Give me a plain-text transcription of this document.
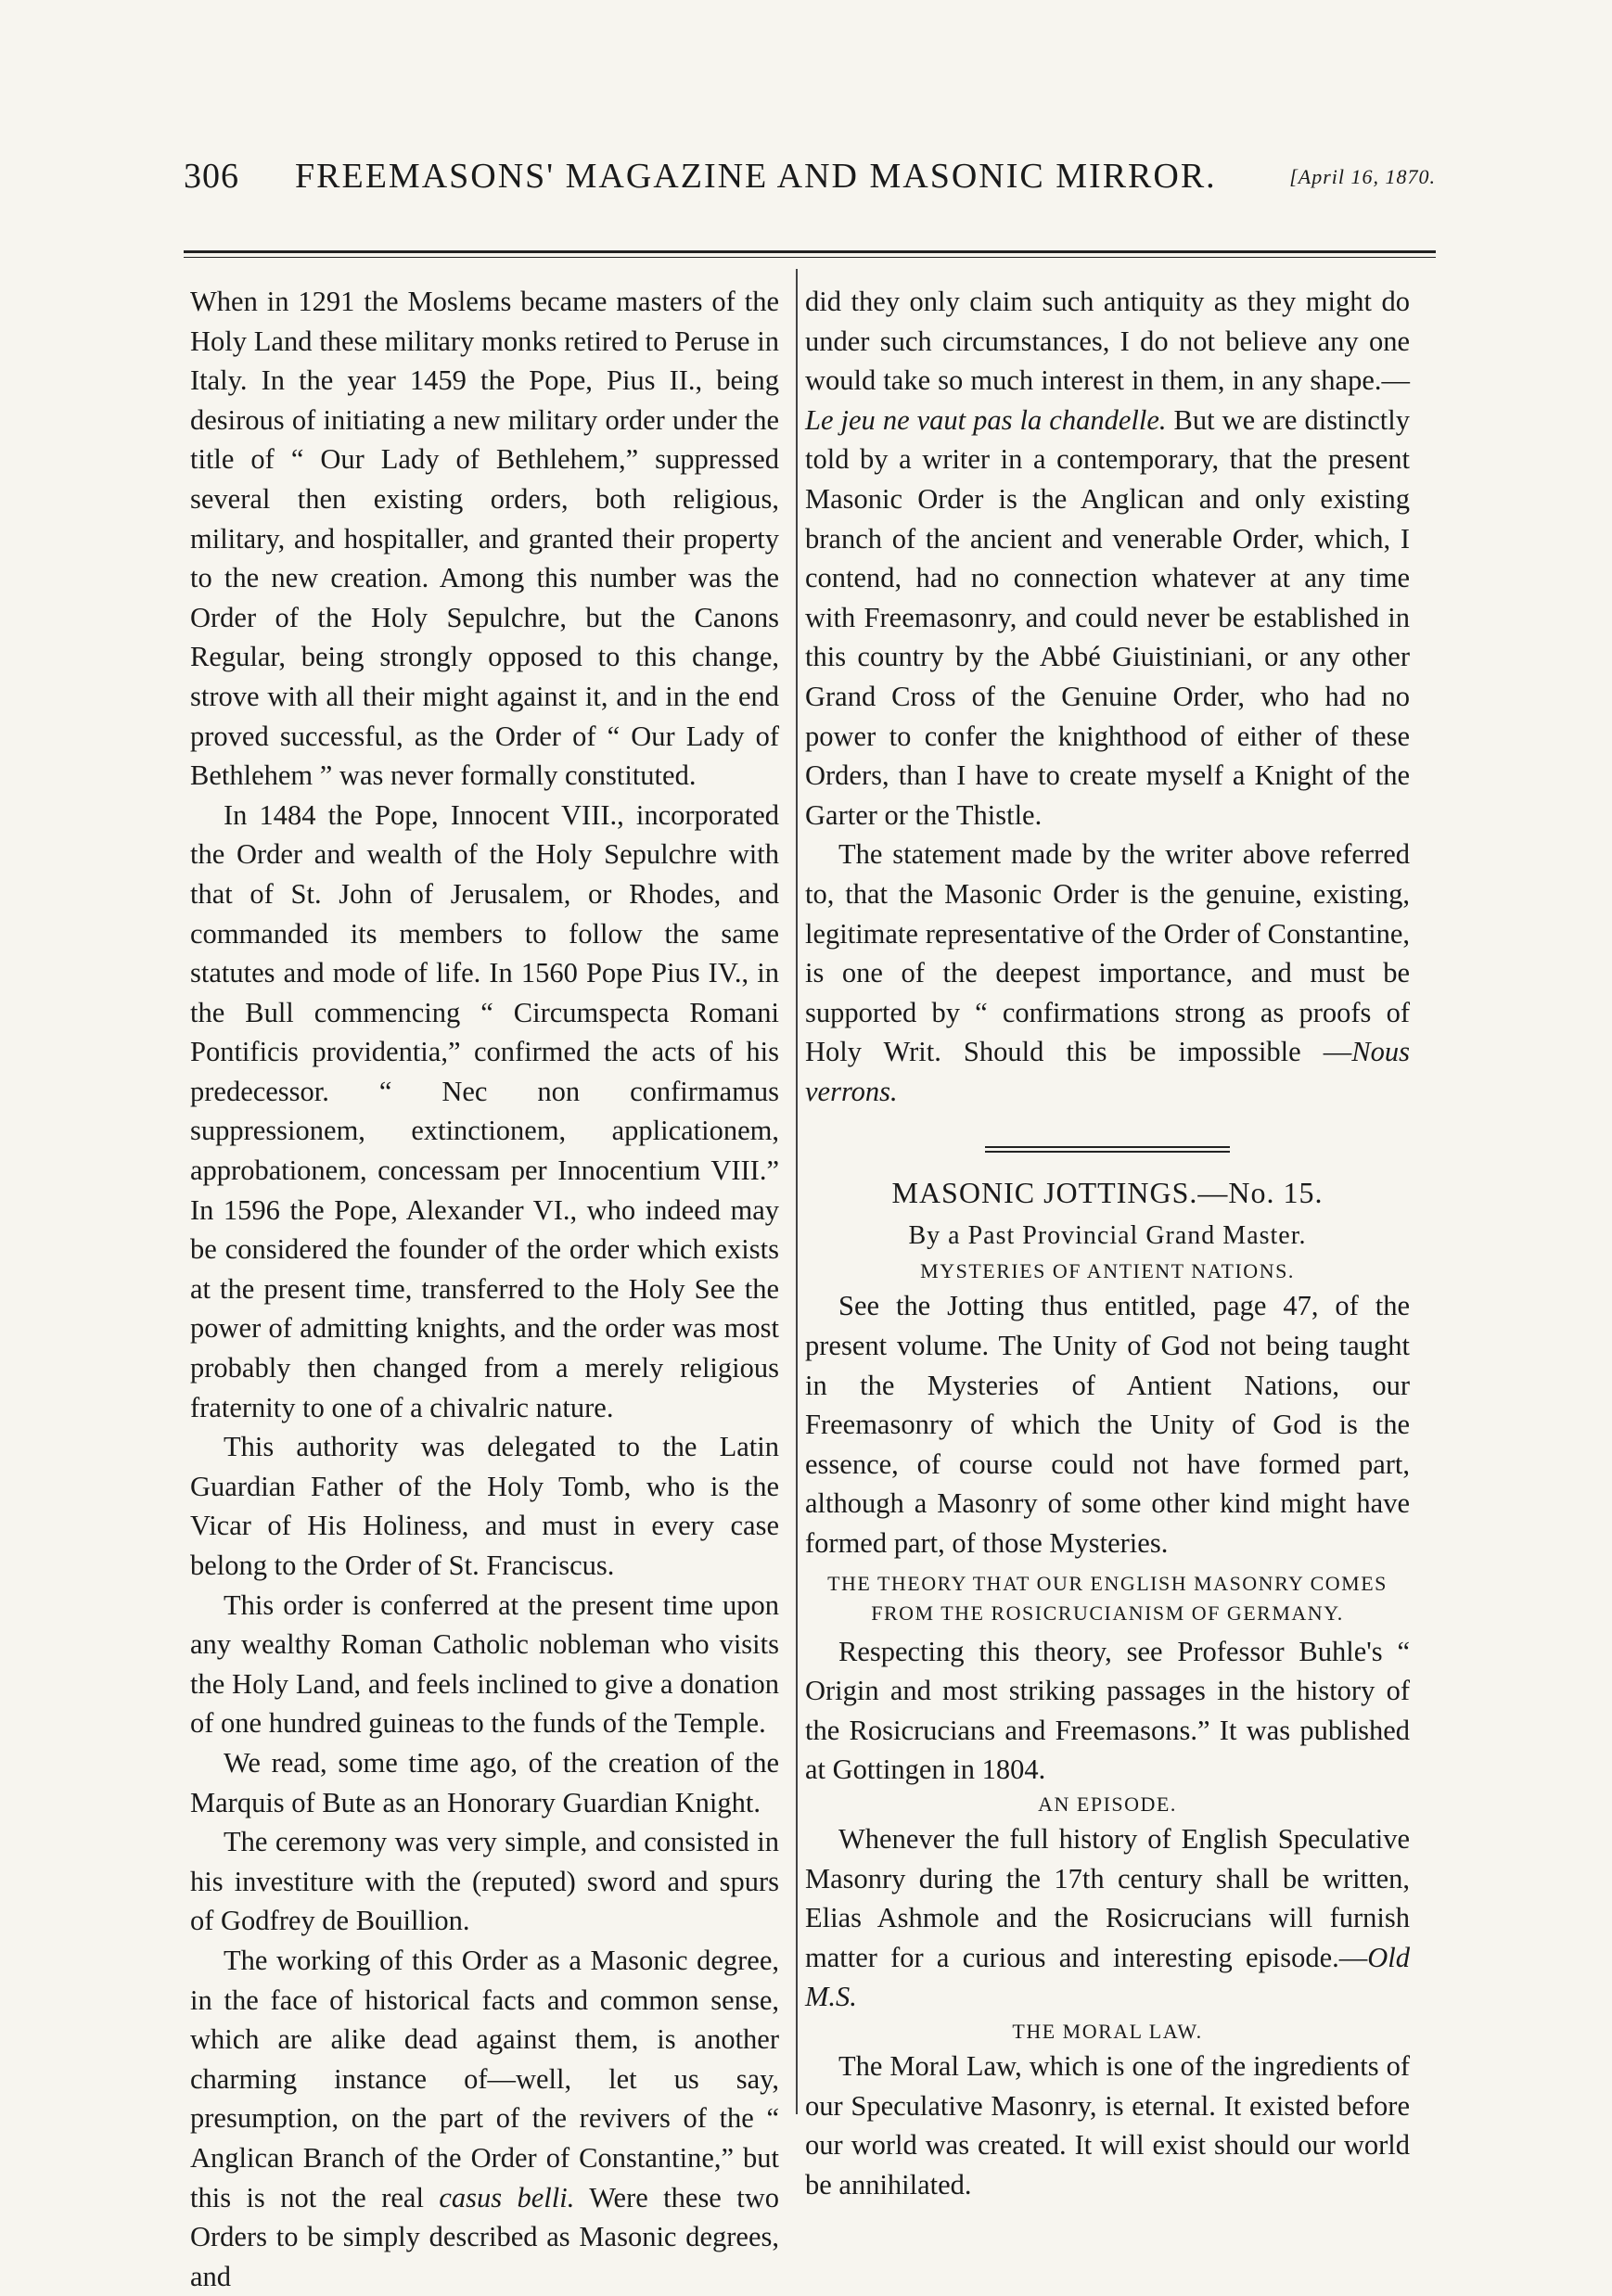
306 FREEMASONS' MAGAZINE AND MASONIC MIRROR.	[April 16, 1870.

When in 1291 the Moslems became masters of the Holy Land these military monks retired to Peruse in Italy. In the year 1459 the Pope, Pius II., being desirous of initiating a new military order under the title of “ Our Lady of Bethlehem,” suppressed several then existing orders, both religious, military, and hospitaller, and granted their property to the new creation. Among this number was the Order of the Holy Sepulchre, but the Canons Regular, being strongly opposed to this change, strove with all their might against it, and in the end proved successful, as the Order of “ Our Lady of Bethlehem ” was never formally constituted.

In 1484 the Pope, Innocent VIII., incorporated the Order and wealth of the Holy Sepulchre with that of St. John of Jerusalem, or Rhodes, and commanded its members to follow the same statutes and mode of life. In 1560 Pope Pius IV., in the Bull commencing “ Circumspecta Romani Pontificis providentia,” confirmed the acts of his predecessor. “ Nec non confirmamus suppressionem, extinctionem, applicationem, approbationem, concessam per Innocentium VIII.” In 1596 the Pope, Alexander VI., who indeed may be considered the founder of the order which exists at the present time, transferred to the Holy See the power of admitting knights, and the order was most probably then changed from a merely religious fraternity to one of a chivalric nature.

This authority was delegated to the Latin Guardian Father of the Holy Tomb, who is the Vicar of His Holiness, and must in every case belong to the Order of St. Franciscus.

This order is conferred at the present time upon any wealthy Roman Catholic nobleman who visits the Holy Land, and feels inclined to give a donation of one hundred guineas to the funds of the Temple.

We read, some time ago, of the creation of the Marquis of Bute as an Honorary Guardian Knight.

The ceremony was very simple, and consisted in his investiture with the (reputed) sword and spurs of Godfrey de Bouillion.

The working of this Order as a Masonic degree, in the face of historical facts and common sense, which are alike dead against them, is another charming instance of—well, let us say, presumption, on the part of the revivers of the “ Anglican Branch of the Order of Constantine,” but this is not the real casus belli. Were these two Orders to be simply described as Masonic degrees, and

did they only claim such antiquity as they might do under such circumstances, I do not believe any one would take so much interest in them, in any shape.—Le jeu ne vaut pas la chandelle. But we are distinctly told by a writer in a contemporary, that the present Masonic Order is the Anglican and only existing branch of the ancient and venerable Order, which, I contend, had no connection whatever at any time with Freemasonry, and could never be established in this country by the Abbé Giuistiniani, or any other Grand Cross of the Genuine Order, who had no power to confer the knighthood of either of these Orders, than I have to create myself a Knight of the Garter or the Thistle.

The statement made by the writer above referred to, that the Masonic Order is the genuine, existing, legitimate representative of the Order of Constantine, is one of the deepest importance, and must be supported by “ confirmations strong as proofs of Holy Writ. Should this be impossible —Nous verrons.

MASONIC JOTTINGS.—No. 15.
By a Past Provincial Grand Master.
MYSTERIES OF ANTIENT NATIONS.

See the Jotting thus entitled, page 47, of the present volume. The Unity of God not being taught in the Mysteries of Antient Nations, our Freemasonry of which the Unity of God is the essence, of course could not have formed part, although a Masonry of some other kind might have formed part, of those Mysteries.

THE THEORY THAT OUR ENGLISH MASONRY COMES FROM THE ROSICRUCIANISM OF GERMANY.

Respecting this theory, see Professor Buhle's “ Origin and most striking passages in the history of the Rosicrucians and Freemasons.” It was published at Gottingen in 1804.

AN EPISODE.

Whenever the full history of English Speculative Masonry during the 17th century shall be written, Elias Ashmole and the Rosicrucians will furnish matter for a curious and interesting episode.—Old M.S.

THE MORAL LAW.

The Moral Law, which is one of the ingredients of our Speculative Masonry, is eternal. It existed before our world was created. It will exist should our world be annihilated.
